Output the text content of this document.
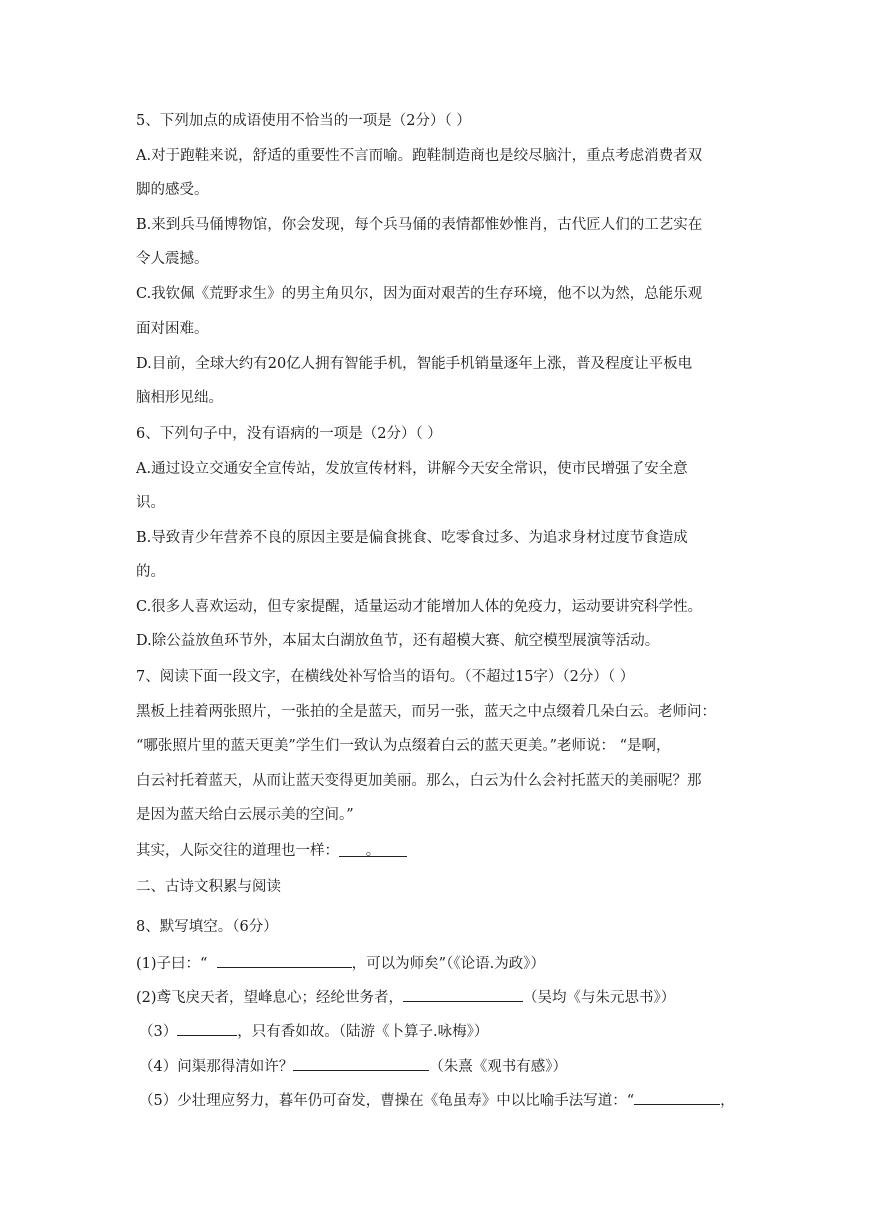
5、下列加点的成语使用不恰当的一项是（2分）（ ）
A.对于跑鞋来说，舒适的重要性不言而喻。跑鞋制造商也是绞尽脑汁，重点考虑消费者双
脚的感受。
B.来到兵马俑博物馆，你会发现，每个兵马俑的表情都惟妙惟肖，古代匠人们的工艺实在
令人震撼。
C.我钦佩《荒野求生》的男主角贝尔，因为面对艰苦的生存环境，他不以为然，总能乐观
面对困难。
D.目前，全球大约有20亿人拥有智能手机，智能手机销量逐年上涨，普及程度让平板电
脑相形见绌。
6、下列句子中，没有语病的一项是（2分）（ ）
A.通过设立交通安全宣传站，发放宣传材料，讲解今天安全常识，使市民增强了安全意
识。
B.导致青少年营养不良的原因主要是偏食挑食、吃零食过多、为追求身材过度节食造成
的。
C.很多人喜欢运动，但专家提醒，适量运动才能增加人体的免疫力，运动要讲究科学性。
D.除公益放鱼环节外，本届太白湖放鱼节，还有超模大赛、航空模型展演等活动。
7、阅读下面一段文字，在横线处补写恰当的语句。（不超过15字）（2分）（ ）
黑板上挂着两张照片，一张拍的全是蓝天，而另一张，蓝天之中点缀着几朵白云。老师问：
“哪张照片里的蓝天更美”学生们一致认为点缀着白云的蓝天更美。”老师说： “是啊，
白云衬托着蓝天，从而让蓝天变得更加美丽。那么，白云为什么会衬托蓝天的美丽呢？那
是因为蓝天给白云展示美的空间。”
其实，人际交往的道理也一样： 。
二、古诗文积累与阅读
8、默写填空。（6分）
(1)子曰：“	，可以为师矣”（《论语.为政》）
(2)鸢飞戾天者，望峰息心；经纶世务者，	（吴均《与朱元思书》）
（3）	，只有香如故。（陆游《卜算子.咏梅》）
（4）问渠那得清如许？	（朱熹《观书有感》）
（5）少壮理应努力，暮年仍可奋发，曹操在《龟虽寿》中以比喻手法写道：“	，
